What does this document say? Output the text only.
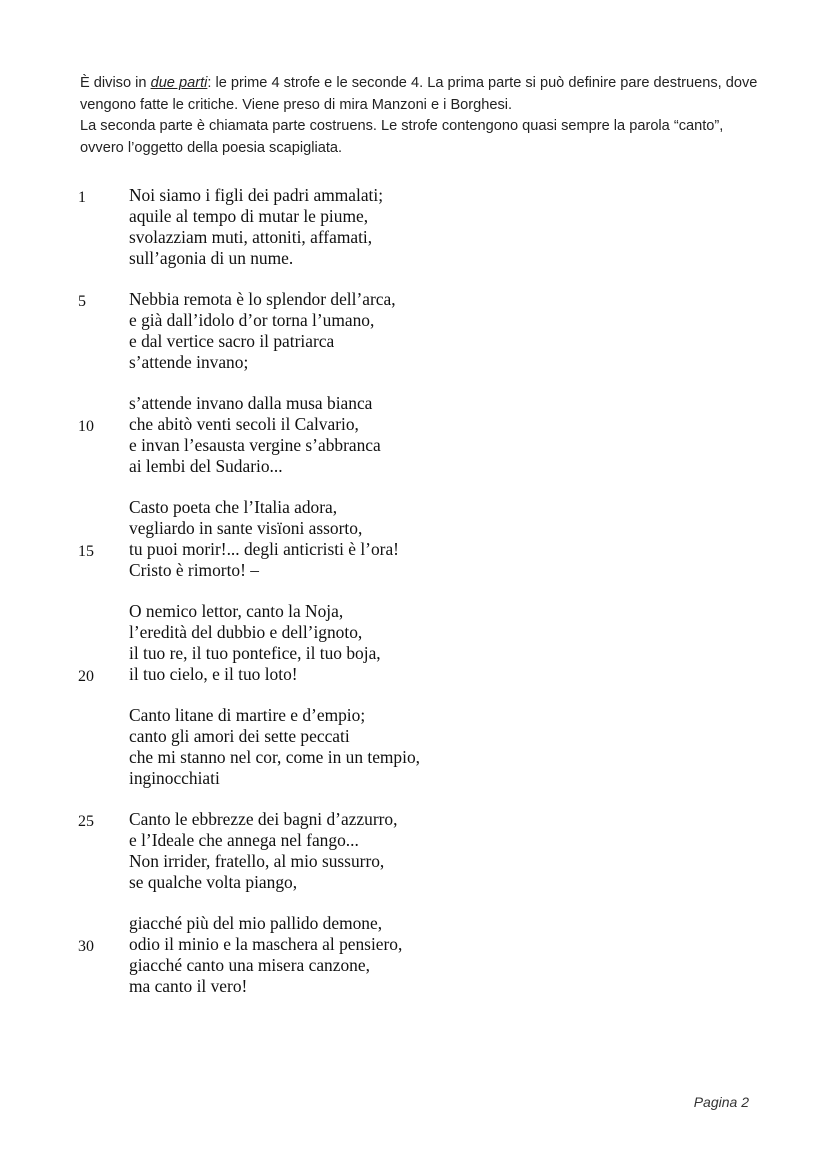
È diviso in due parti: le prime 4 strofe e le seconde 4. La prima parte si può definire pare destruens, dove vengono fatte le critiche. Viene preso di mira Manzoni e i Borghesi.

La seconda parte è chiamata parte costruens. Le strofe contengono quasi sempre la parola “canto”, ovvero l’oggetto della poesia scapigliata.

1	Noi siamo i figli dei padri ammalati;
aquile al tempo di mutar le piume,
svolazziam muti, attoniti, affamati,
sull’agonia di un nume.
5	Nebbia remota è lo splendor dell’arca,
e già dall’idolo d’or torna l’umano,
e dal vertice sacro il patriarca
s’attende invano;
s’attende invano dalla musa bianca
10	che abitò venti secoli il Calvario,
e invan l’esausta vergine s’abbranca
ai lembi del Sudario...
Casto poeta che l’Italia adora,
vegliardo in sante visïoni assorto,
15	tu puoi morir!... degli anticristi è l’ora!
Cristo è rimorto! –
O nemico lettor, canto la Noja,
l’eredità del dubbio e dell’ignoto,
il tuo re, il tuo pontefice, il tuo boja,
20	il tuo cielo, e il tuo loto!
Canto litane di martire e d’empio;
canto gli amori dei sette peccati
che mi stanno nel cor, come in un tempio,
inginocchiati
25	Canto le ebbrezze dei bagni d’azzurro,
e l’Ideale che annega nel fango...
Non irrider, fratello, al mio sussurro,
se qualche volta piango,
giacché più del mio pallido demone,
30	odio il minio e la maschera al pensiero,
giacché canto una misera canzone,
ma canto il vero!
Pagina 2
